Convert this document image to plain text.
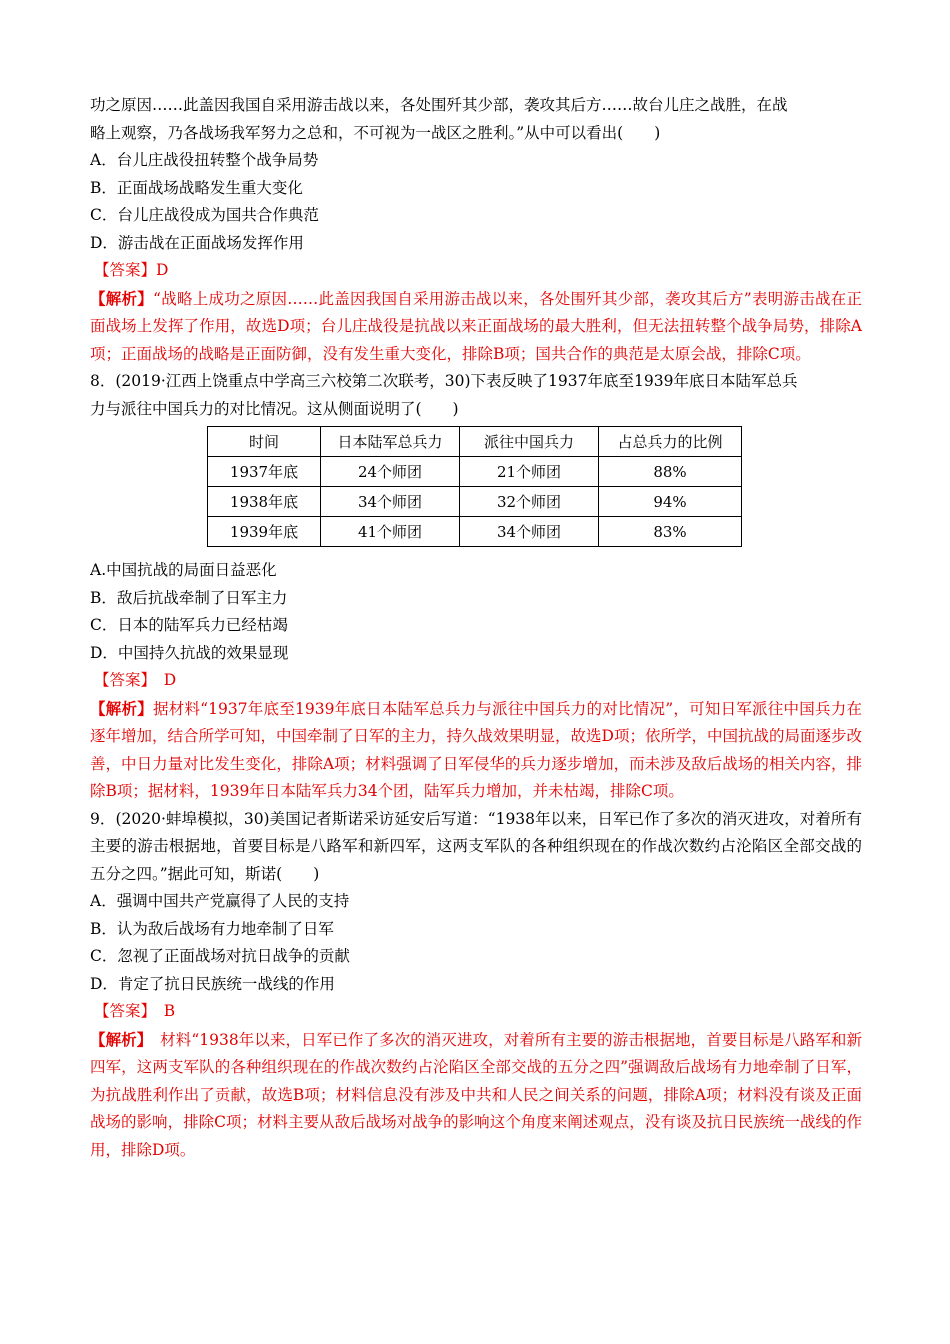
功之原因……此盖因我国自采用游击战以来，各处围歼其少部，袭攻其后方……故台儿庄之战胜，在战
略上观察，乃各战场我军努力之总和，不可视为一战区之胜利。”从中可以看出(　　)
A．台儿庄战役扭转整个战争局势
B．正面战场战略发生重大变化
C．台儿庄战役成为国共合作典范
D．游击战在正面战场发挥作用
【答案】D
【解析】“战略上成功之原因……此盖因我国自采用游击战以来，各处围歼其少部，袭攻其后方”表明游击战在正面战场上发挥了作用，故选D项；台儿庄战役是抗战以来正面战场的最大胜利，但无法扭转整个战争局势，排除A项；正面战场的战略是正面防御，没有发生重大变化，排除B项；国共合作的典范是太原会战，排除C项。
8．(2019·江西上饶重点中学高三六校第二次联考，30)下表反映了1937年底至1939年底日本陆军总兵
力与派往中国兵力的对比情况。这从侧面说明了(　　)
时间	日本陆军总兵力	派往中国兵力	占总兵力的比例
1937年底	24个师团	21个师团	88%
1938年底	34个师团	32个师团	94%
1939年底	41个师团	34个师团	83%
A.中国抗战的局面日益恶化
B．敌后抗战牵制了日军主力
C．日本的陆军兵力已经枯竭
D．中国持久抗战的效果显现
【答案】　D
【解析】据材料“1937年底至1939年底日本陆军总兵力与派往中国兵力的对比情况”，可知日军派往中国兵力在逐年增加，结合所学可知，中国牵制了日军的主力，持久战效果明显，故选D项；依所学，中国抗战的局面逐步改善，中日力量对比发生变化，排除A项；材料强调了日军侵华的兵力逐步增加，而未涉及敌后战场的相关内容，排除B项；据材料，1939年日本陆军兵力34个团，陆军兵力增加，并未枯竭，排除C项。
9．(2020·蚌埠模拟，30)美国记者斯诺采访延安后写道：“1938年以来，日军已作了多次的消灭进攻，对着所有主要的游击根据地，首要目标是八路军和新四军，这两支军队的各种组织现在的作战次数约占沦陷区全部交战的五分之四。”据此可知，斯诺(　　)
A．强调中国共产党赢得了人民的支持
B．认为敌后战场有力地牵制了日军
C．忽视了正面战场对抗日战争的贡献
D．肯定了抗日民族统一战线的作用
【答案】　B
【解析】　材料“1938年以来，日军已作了多次的消灭进攻，对着所有主要的游击根据地，首要目标是八路军和新四军，这两支军队的各种组织现在的作战次数约占沦陷区全部交战的五分之四”强调敌后战场有力地牵制了日军，为抗战胜利作出了贡献，故选B项；材料信息没有涉及中共和人民之间关系的问题，排除A项；材料没有谈及正面战场的影响，排除C项；材料主要从敌后战场对战争的影响这个角度来阐述观点，没有谈及抗日民族统一战线的作用，排除D项。
